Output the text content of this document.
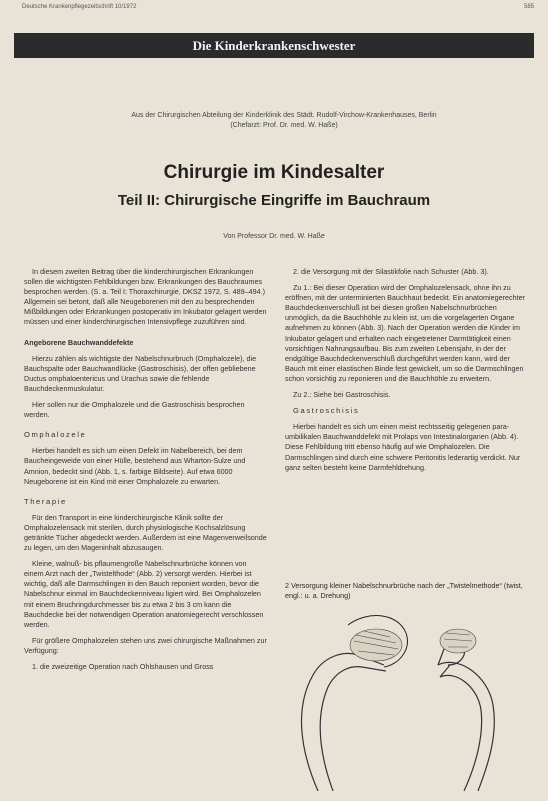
Deutsche Krankenpflegezeitschrift 10/1972	585
Die Kinderkrankenschwester
Aus der Chirurgischen Abteilung der Kinderklinik des Städt. Rudolf-Virchow-Krankenhauses, Berlin
(Chefarzt: Prof. Dr. med. W. Haße)
Chirurgie im Kindesalter
Teil II: Chirurgische Eingriffe im Bauchraum
Von Professor Dr. med. W. Haße

In diesem zweiten Beitrag über die kinderchirurgischen Erkrankungen sollen die wichtigsten Fehlbildungen bzw. Erkrankungen des Bauchraumes besprochen werden. (S. a. Teil I: Thoraxchirurgie, DKSZ 1972, S. 489–494.) Allgemein sei betont, daß alle Neugeborenen mit den zu besprechenden Mißbildungen oder Erkrankungen postoperativ im Inkubator gelagert werden müssen und einer kinderchirurgischen Intensivpflege zuzuführen sind.

Angeborene Bauchwanddefekte

Hierzu zählen als wichtigste der Nabelschnurbruch (Omphalozele), die Bauchspalte oder Bauchwandlücke (Gastroschisis), der offen gebliebene Ductus omphaloentericus und Urachus sowie die fehlende Bauchdeckenmuskulatur.

Hier sollen nur die Omphalozele und die Gastroschisis besprochen werden.

Omphalozele

Hierbei handelt es sich um einen Defekt im Nabelbereich, bei dem Baucheingeweide von einer Hülle, bestehend aus Wharton-Sulze und Amnion, bedeckt sind (Abb. 1, s. farbige Bildseite). Auf etwa 6000 Neugeborene ist ein Kind mit einer Omphalozele zu erwarten.

Therapie

Für den Transport in eine kinderchirurgische Klinik sollte der Omphalozelensack mit sterilen, durch physiologische Kochsalzlösung getränkte Tücher abgedeckt werden. Außerdem ist eine Magenverweilsonde zu legen, um den Mageninhalt abzusaugen.

Kleine, walnuß- bis pflaumengroße Nabelschnurbrüche können von einem Arzt nach der „Twistelthode“ (Abb. 2) versorgt werden. Hierbei ist wichtig, daß alle Darmschlingen in den Bauch reponiert worden, bevor die Nabelschnur einmal im Bauchdeckenniveau ligiert wird. Bei Omphalozelen mit einem Bruchringdurchmesser bis zu etwa 2 bis 3 cm kann die Bauchdecke bei der notwendigen Operation anatomiegerecht verschlossen werden.

Für größere Omphalozelen stehen uns zwei chirurgische Maßnahmen zur Verfügung:

1. die zweizeitige Operation nach Ohlshausen und Gross

2. die Versorgung mit der Silastikfolie nach Schuster (Abb. 3).

Zu 1.: Bei dieser Operation wird der Omphalozelensack, ohne ihn zu eröffnen, mit der unterminierten Bauchhaut bedeckt. Ein anatomiegerechter Bauchdeckenverschluß ist bei diesen großen Nabelschnurbrüchen unmöglich, da die Bauchhöhle zu klein ist, um die vorgelagerten Organe aufnehmen zu können (Abb. 3). Nach der Operation werden die Kinder im Inkubator gelagert und erhalten nach eingetretener Darmtätigkeit einen vorsichtigen Nahrungsaufbau. Bis zum zweiten Lebensjahr, in der der endgültige Bauchdeckenverschluß durchgeführt werden kann, wird der Bauch mit einer elastischen Binde fest gewickelt, um so die Darmschlingen schon vorsichtig zu reponieren und die Bauchhöhle zu erweitern.

Zu 2.: Siehe bei Gastroschisis.

Gastroschisis

Hierbei handelt es sich um einen meist rechtsseitig gelegenen para-umbilikalen Bauchwanddefekt mit Prolaps von Intestinalorganen (Abb. 4). Diese Fehlbildung tritt ebenso häufig auf wie Omphalozelen. Die Darmschlingen sind durch eine schwere Peritonitis lederartig verdickt. Nur ganz selten besteht keine Darmfehldrehung.

2 Versorgung kleiner Nabelschnurbrüche nach der „Twistelmethode“ (twist, engl.: u. a. Drehung)
